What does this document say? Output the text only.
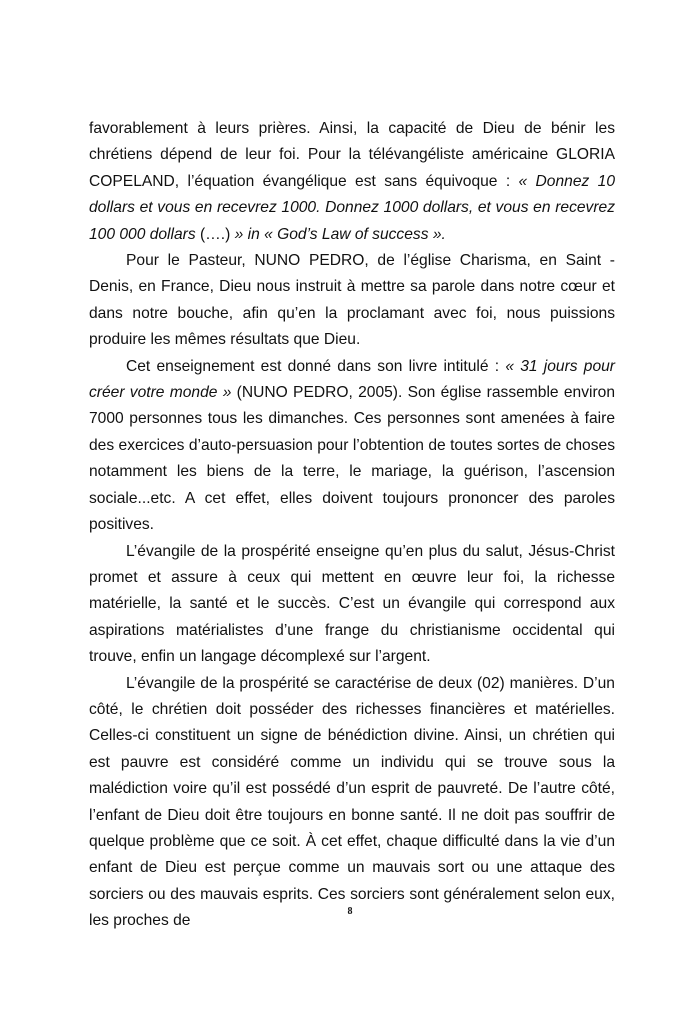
favorablement à leurs prières. Ainsi, la capacité de Dieu de bénir les chrétiens dépend de leur foi. Pour la télévangéliste américaine GLORIA COPELAND, l’équation évangélique est sans équivoque : « Donnez 10 dollars et vous en recevrez 1000. Donnez 1000 dollars, et vous en recevrez 100 000 dollars (….) » in « God’s Law of success ».

Pour le Pasteur, NUNO PEDRO, de l’église Charisma, en Saint -Denis, en France, Dieu nous instruit à mettre sa parole dans notre cœur et dans notre bouche, afin qu’en la proclamant avec foi, nous puissions produire les mêmes résultats que Dieu.

Cet enseignement est donné dans son livre intitulé : « 31 jours pour créer votre monde » (NUNO PEDRO, 2005). Son église rassemble environ 7000 personnes tous les dimanches. Ces personnes sont amenées à faire des exercices d’auto-persuasion pour l’obtention de toutes sortes de choses notamment les biens de la terre, le mariage, la guérison, l’ascension sociale...etc. A cet effet, elles doivent toujours prononcer des paroles positives.

L’évangile de la prospérité enseigne qu’en plus du salut, Jésus-Christ promet et assure à ceux qui mettent en œuvre leur foi, la richesse matérielle, la santé et le succès. C’est un évangile qui correspond aux aspirations matérialistes d’une frange du christianisme occidental qui trouve, enfin un langage décomplexé sur l’argent.

L’évangile de la prospérité se caractérise de deux (02) manières. D’un côté, le chrétien doit posséder des richesses financières et matérielles. Celles-ci constituent un signe de bénédiction divine. Ainsi, un chrétien qui est pauvre est considéré comme un individu qui se trouve sous la malédiction voire qu’il est possédé d’un esprit de pauvreté. De l’autre côté, l’enfant de Dieu doit être toujours en bonne santé. Il ne doit pas souffrir de quelque problème que ce soit. À cet effet, chaque difficulté dans la vie d’un enfant de Dieu est perçue comme un mauvais sort ou une attaque des sorciers ou des mauvais esprits. Ces sorciers sont généralement selon eux, les proches de

8
